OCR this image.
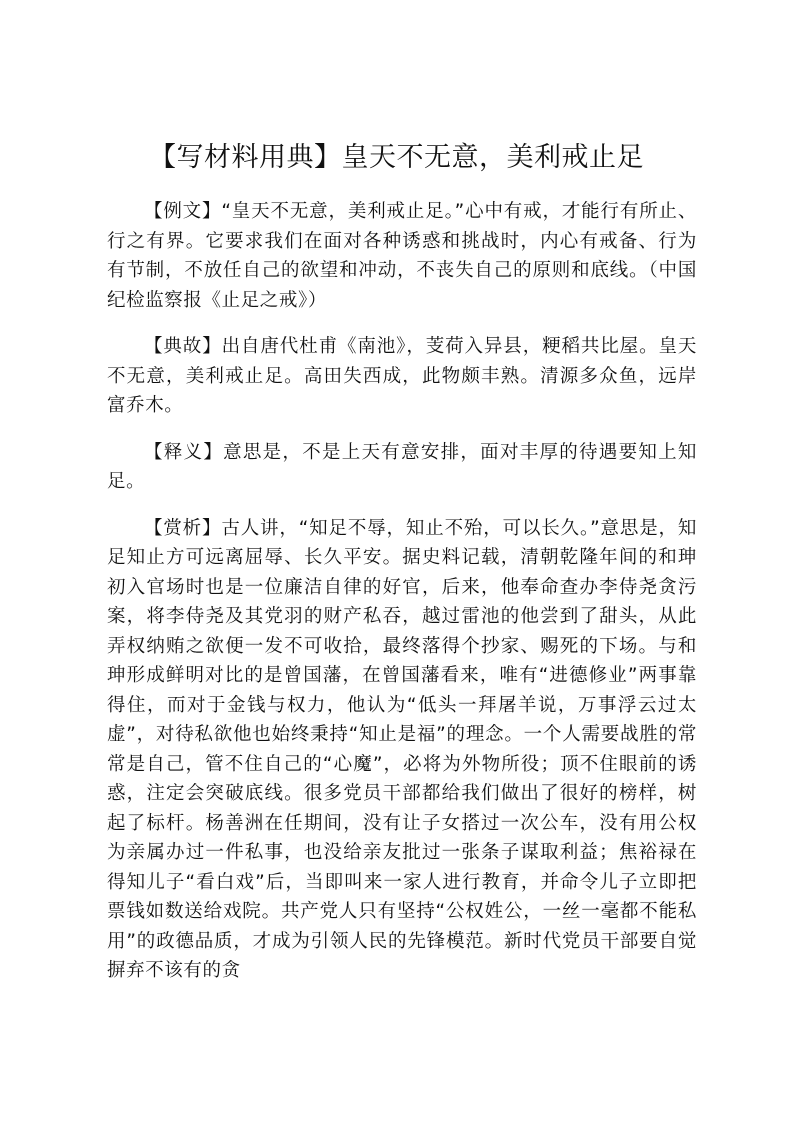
【写材料用典】皇天不无意，美利戒止足

【例文】“皇天不无意，美利戒止足。”心中有戒，才能行有所止、行之有界。它要求我们在面对各种诱惑和挑战时，内心有戒备、行为有节制，不放任自己的欲望和冲动，不丧失自己的原则和底线。（中国纪检监察报《止足之戒》）

【典故】出自唐代杜甫《南池》，芰荷入异县，粳稻共比屋。皇天不无意，美利戒止足。高田失西成，此物颇丰熟。清源多众鱼，远岸富乔木。

【释义】意思是，不是上天有意安排，面对丰厚的待遇要知上知足。

【赏析】古人讲，“知足不辱，知止不殆，可以长久。”意思是，知足知止方可远离屈辱、长久平安。据史料记载，清朝乾隆年间的和珅初入官场时也是一位廉洁自律的好官，后来，他奉命查办李侍尧贪污案，将李侍尧及其党羽的财产私吞，越过雷池的他尝到了甜头，从此弄权纳贿之欲便一发不可收拾，最终落得个抄家、赐死的下场。与和珅形成鲜明对比的是曾国藩，在曾国藩看来，唯有“进德修业”两事靠得住，而对于金钱与权力，他认为“低头一拜屠羊说，万事浮云过太虚”，对待私欲他也始终秉持“知止是福”的理念。一个人需要战胜的常常是自己，管不住自己的“心魔”，必将为外物所役；顶不住眼前的诱惑，注定会突破底线。很多党员干部都给我们做出了很好的榜样，树起了标杆。杨善洲在任期间，没有让子女搭过一次公车，没有用公权为亲属办过一件私事，也没给亲友批过一张条子谋取利益；焦裕禄在得知儿子“看白戏”后，当即叫来一家人进行教育，并命令儿子立即把票钱如数送给戏院。共产党人只有坚持“公权姓公，一丝一毫都不能私用”的政德品质，才成为引领人民的先锋模范。新时代党员干部要自觉摒弃不该有的贪
